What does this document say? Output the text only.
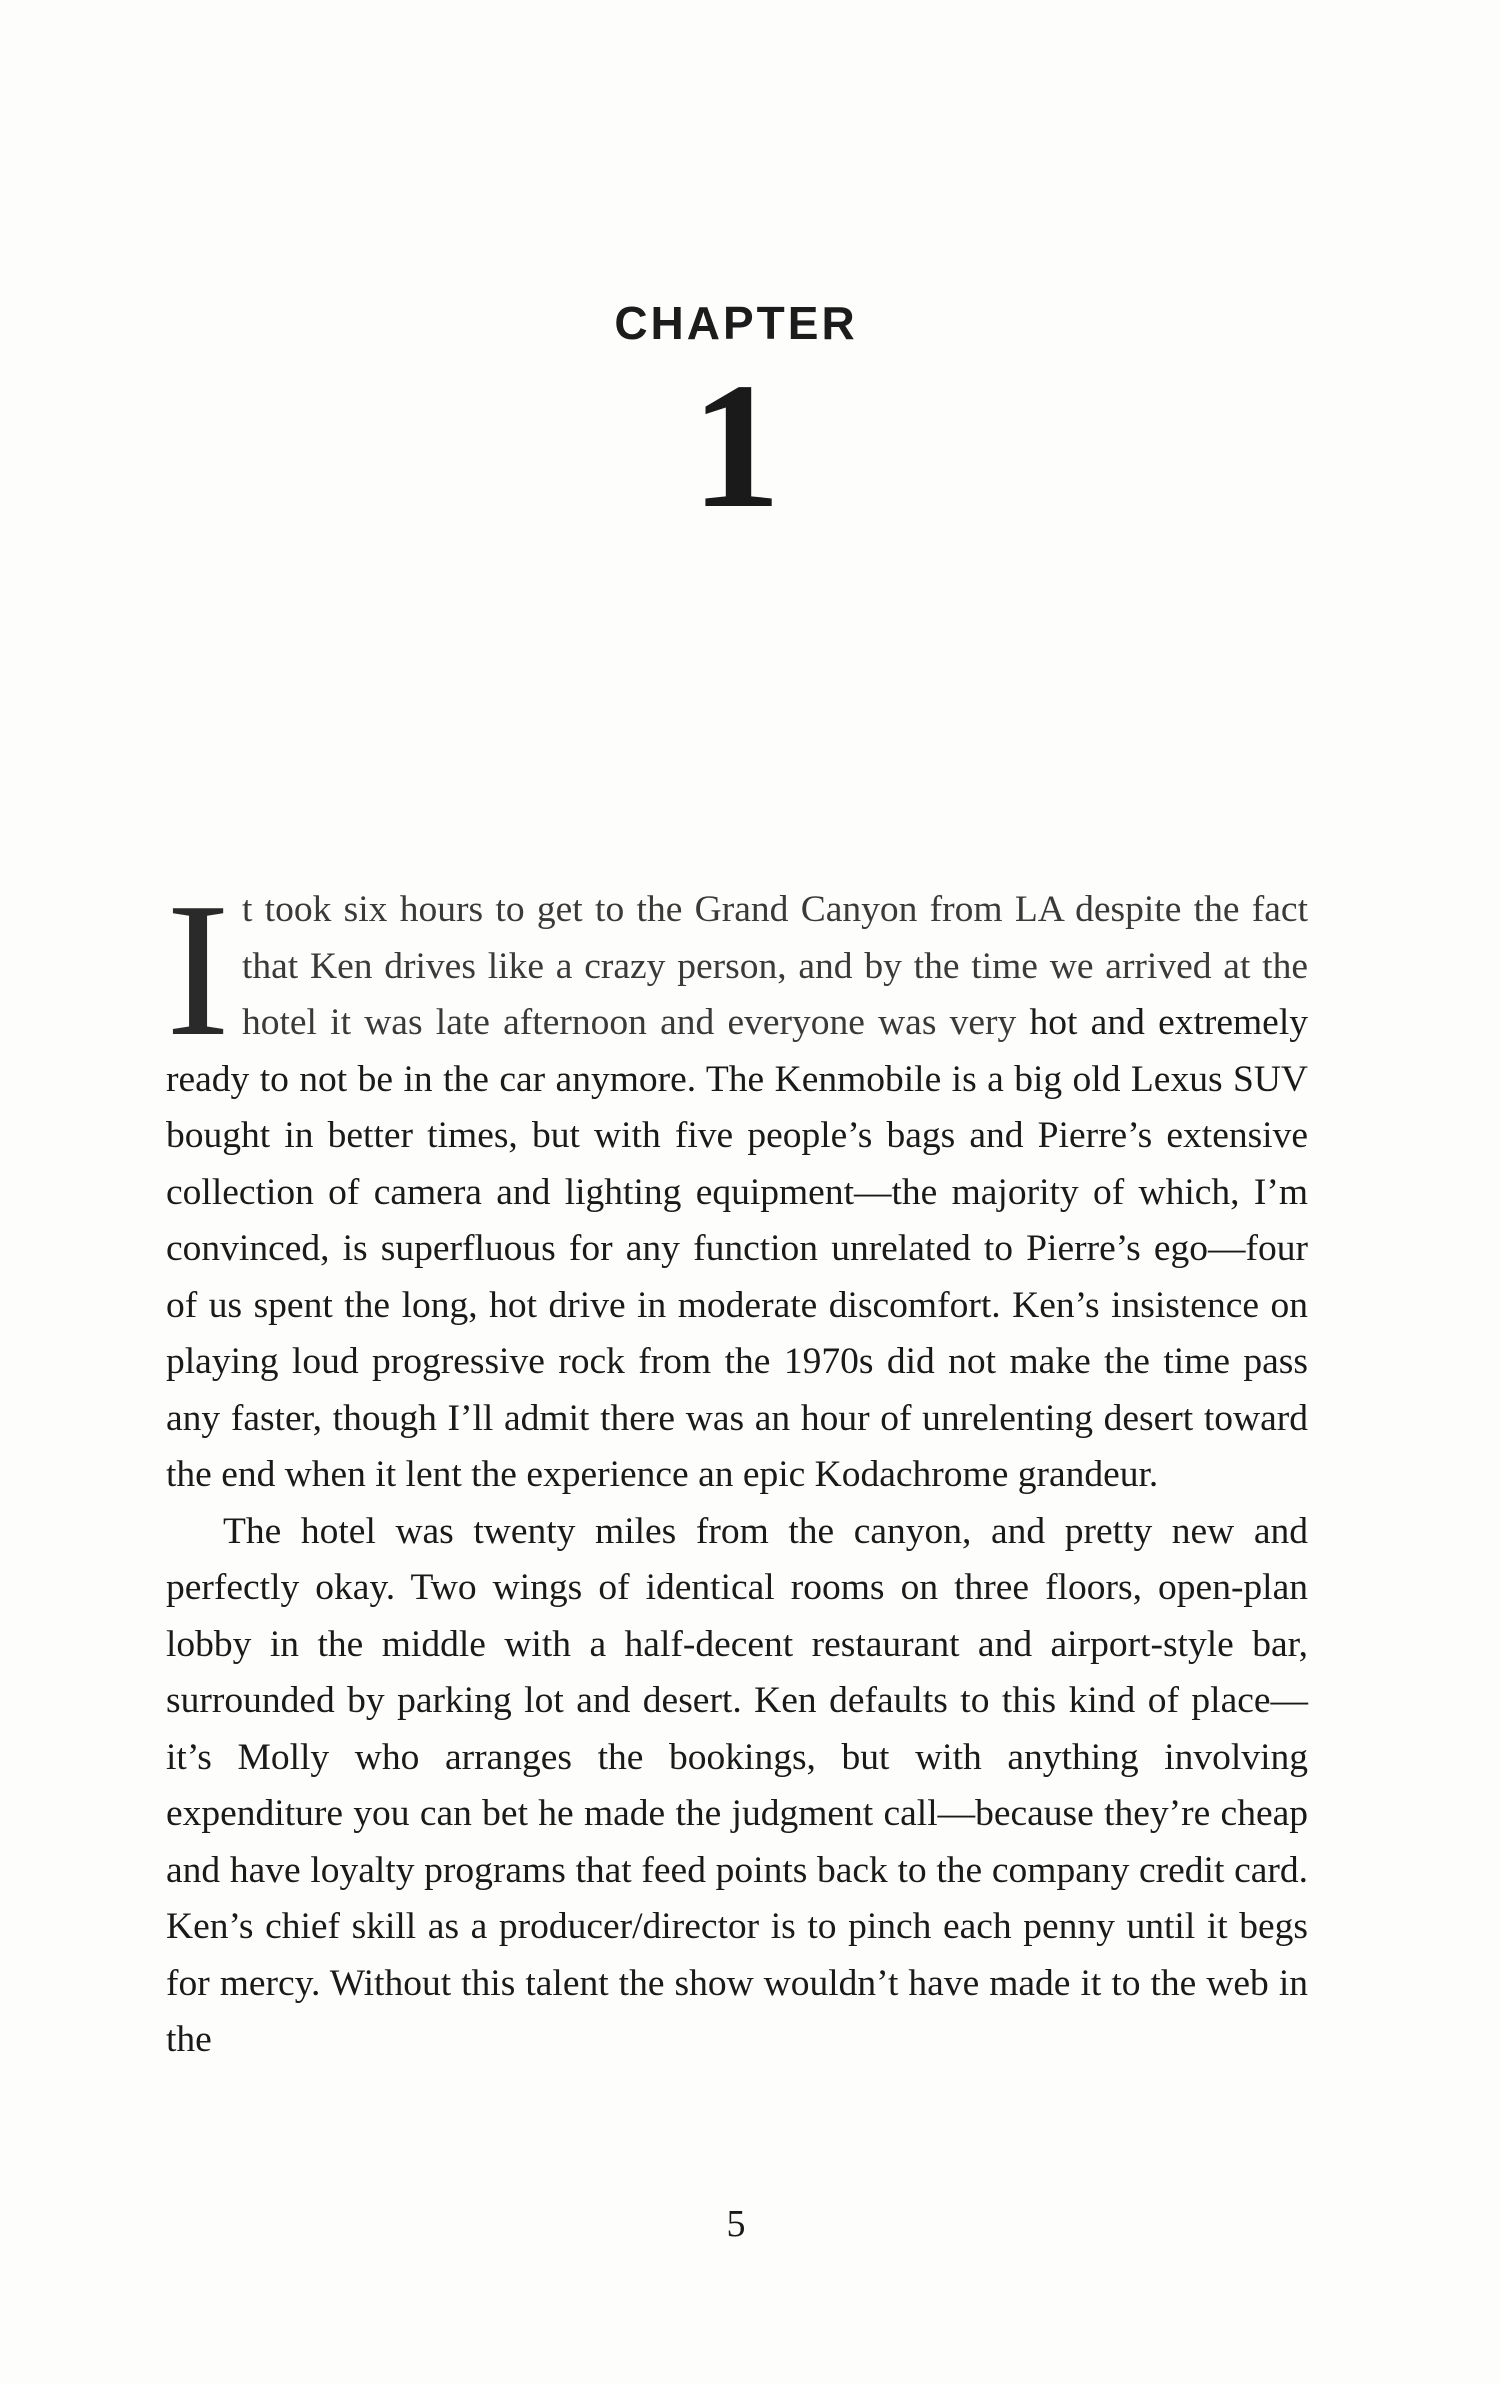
CHAPTER
1

It took six hours to get to the Grand Canyon from LA despite the fact that Ken drives like a crazy person, and by the time we arrived at the hotel it was late afternoon and everyone was very hot and extremely ready to not be in the car anymore. The Kenmobile is a big old Lexus SUV bought in better times, but with five people’s bags and Pierre’s extensive collection of camera and lighting equipment—the majority of which, I’m convinced, is superfluous for any function unrelated to Pierre’s ego—four of us spent the long, hot drive in moderate discomfort. Ken’s insistence on playing loud progressive rock from the 1970s did not make the time pass any faster, though I’ll admit there was an hour of unrelenting desert toward the end when it lent the experience an epic Kodachrome grandeur.

The hotel was twenty miles from the canyon, and pretty new and perfectly okay. Two wings of identical rooms on three floors, open-plan lobby in the middle with a half-decent restaurant and airport-style bar, surrounded by parking lot and desert. Ken defaults to this kind of place—it’s Molly who arranges the bookings, but with anything involving expenditure you can bet he made the judgment call—because they’re cheap and have loyalty programs that feed points back to the company credit card. Ken’s chief skill as a producer/director is to pinch each penny until it begs for mercy. Without this talent the show wouldn’t have made it to the web in the

5
